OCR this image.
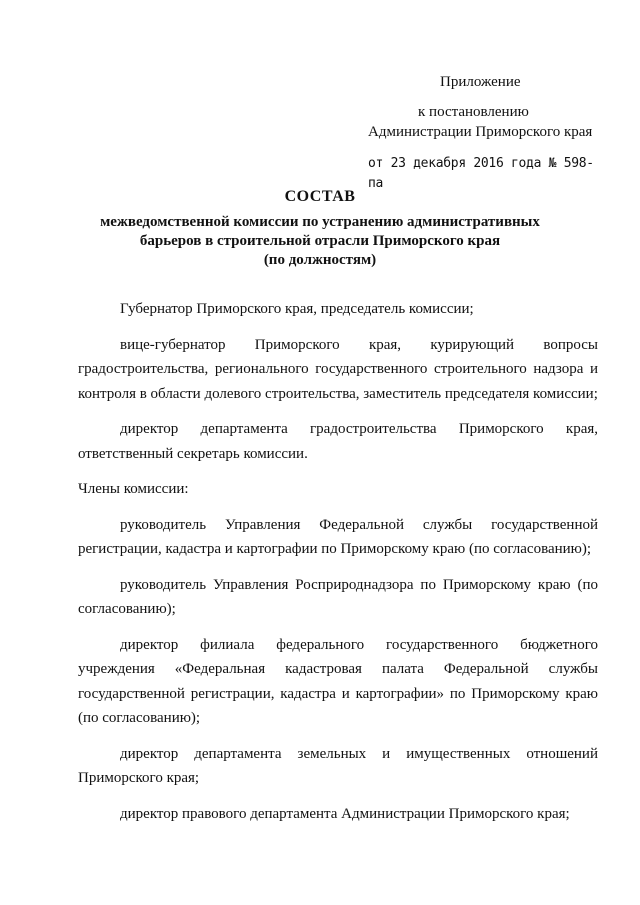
Приложение
к постановлению
Администрации Приморского края
от 23 декабря 2016 года № 598-па
СОСТАВ
межведомственной комиссии по устранению административных
барьеров в строительной отрасли Приморского края
(по должностям)

Губернатор Приморского края, председатель комиссии;

вице-губернатор Приморского края, курирующий вопросы градостроительства, регионального государственного строительного надзора и контроля в области долевого строительства, заместитель председателя комиссии;

директор департамента градостроительства Приморского края, ответственный секретарь комиссии.

Члены комиссии:

руководитель Управления Федеральной службы государственной регистрации, кадастра и картографии по Приморскому краю (по согласованию);

руководитель Управления Росприроднадзора по Приморскому краю (по согласованию);

директор филиала федерального государственного бюджетного учреждения «Федеральная кадастровая палата Федеральной службы государственной регистрации, кадастра и картографии» по Приморскому краю (по согласованию);

директор департамента земельных и имущественных отношений Приморского края;

директор правового департамента Администрации Приморского края;
